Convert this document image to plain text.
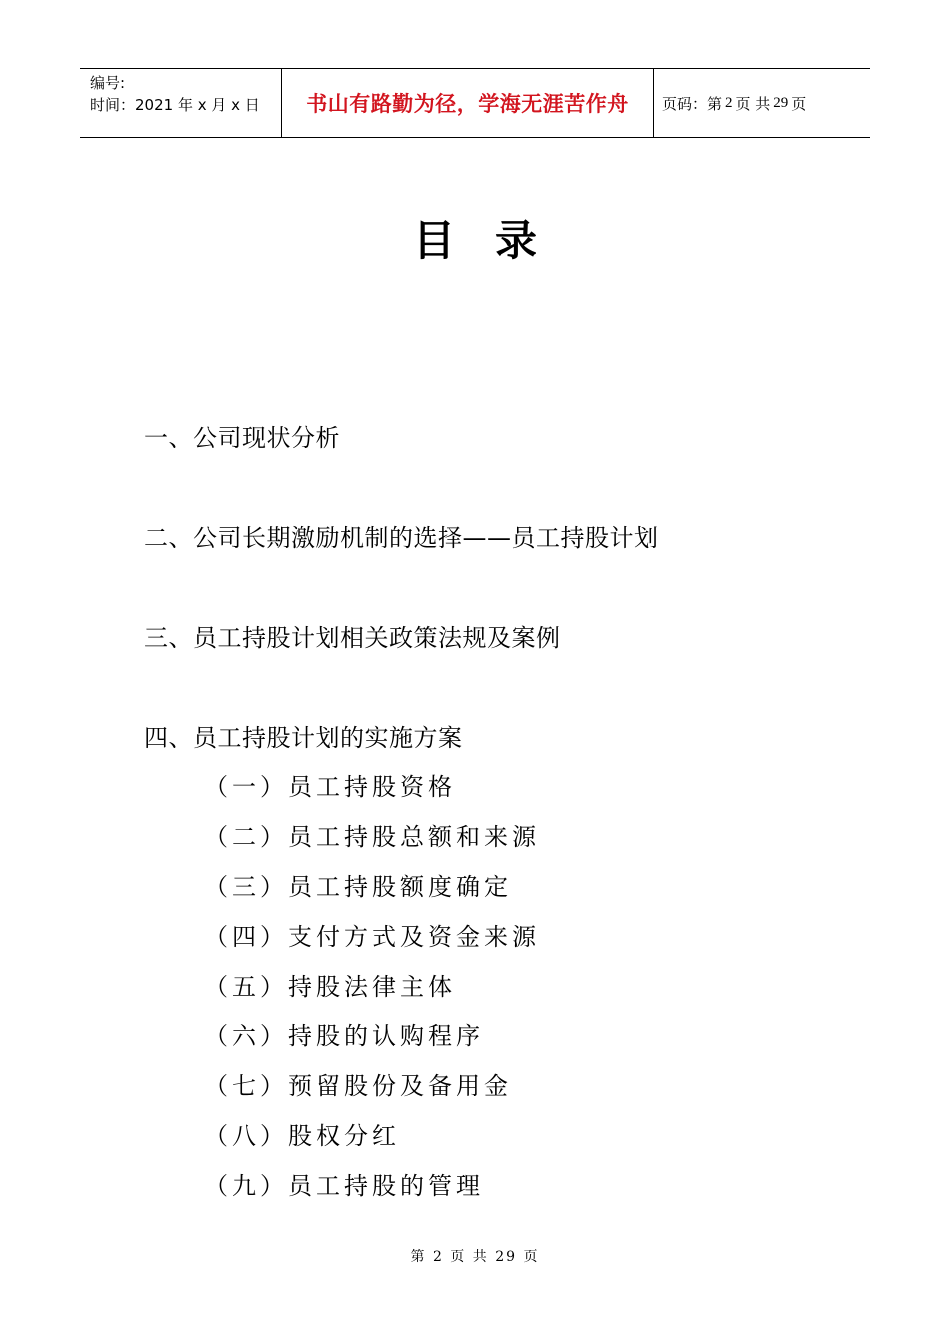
编号:
时间：2021 年 x 月 x 日	书山有路勤为径，学海无涯苦作舟 页码：第 2 页 共 29 页
目录
一、公司现状分析
二、公司长期激励机制的选择——员工持股计划
三、员工持股计划相关政策法规及案例
四、员工持股计划的实施方案
（一）员工持股资格
（二）员工持股总额和来源
（三）员工持股额度确定
（四）支付方式及资金来源
（五）持股法律主体
（六）持股的认购程序
（七）预留股份及备用金
（八）股权分红
（九）员工持股的管理
第 2 页 共 29 页
